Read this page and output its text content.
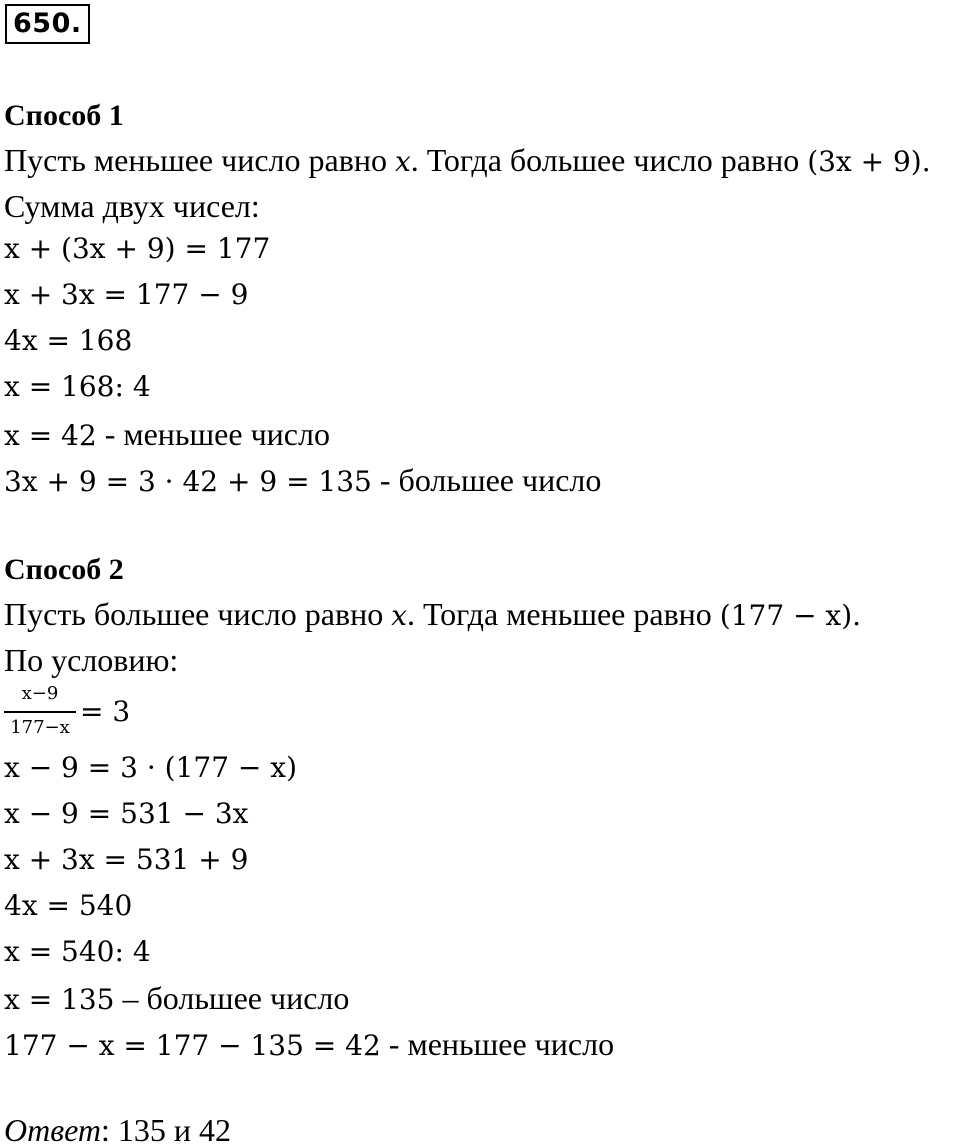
650.
Способ 1
Пусть меньшее число равно x. Тогда большее число равно (3x + 9).
Сумма двух чисел:
x + (3x + 9) = 177
x + 3x = 177 − 9
4x = 168
x = 168: 4
x = 42 - меньшее число
3x + 9 = 3 · 42 + 9 = 135 - большее число
Способ 2
Пусть большее число равно x. Тогда меньшее равно (177 − x).
По условию:
x−9
177−x = 3
x − 9 = 3 · (177 − x)
x − 9 = 531 − 3x
x + 3x = 531 + 9
4x = 540
x = 540: 4
x = 135 – большее число
177 − x = 177 − 135 = 42 - меньшее число
Ответ: 135 и 42
